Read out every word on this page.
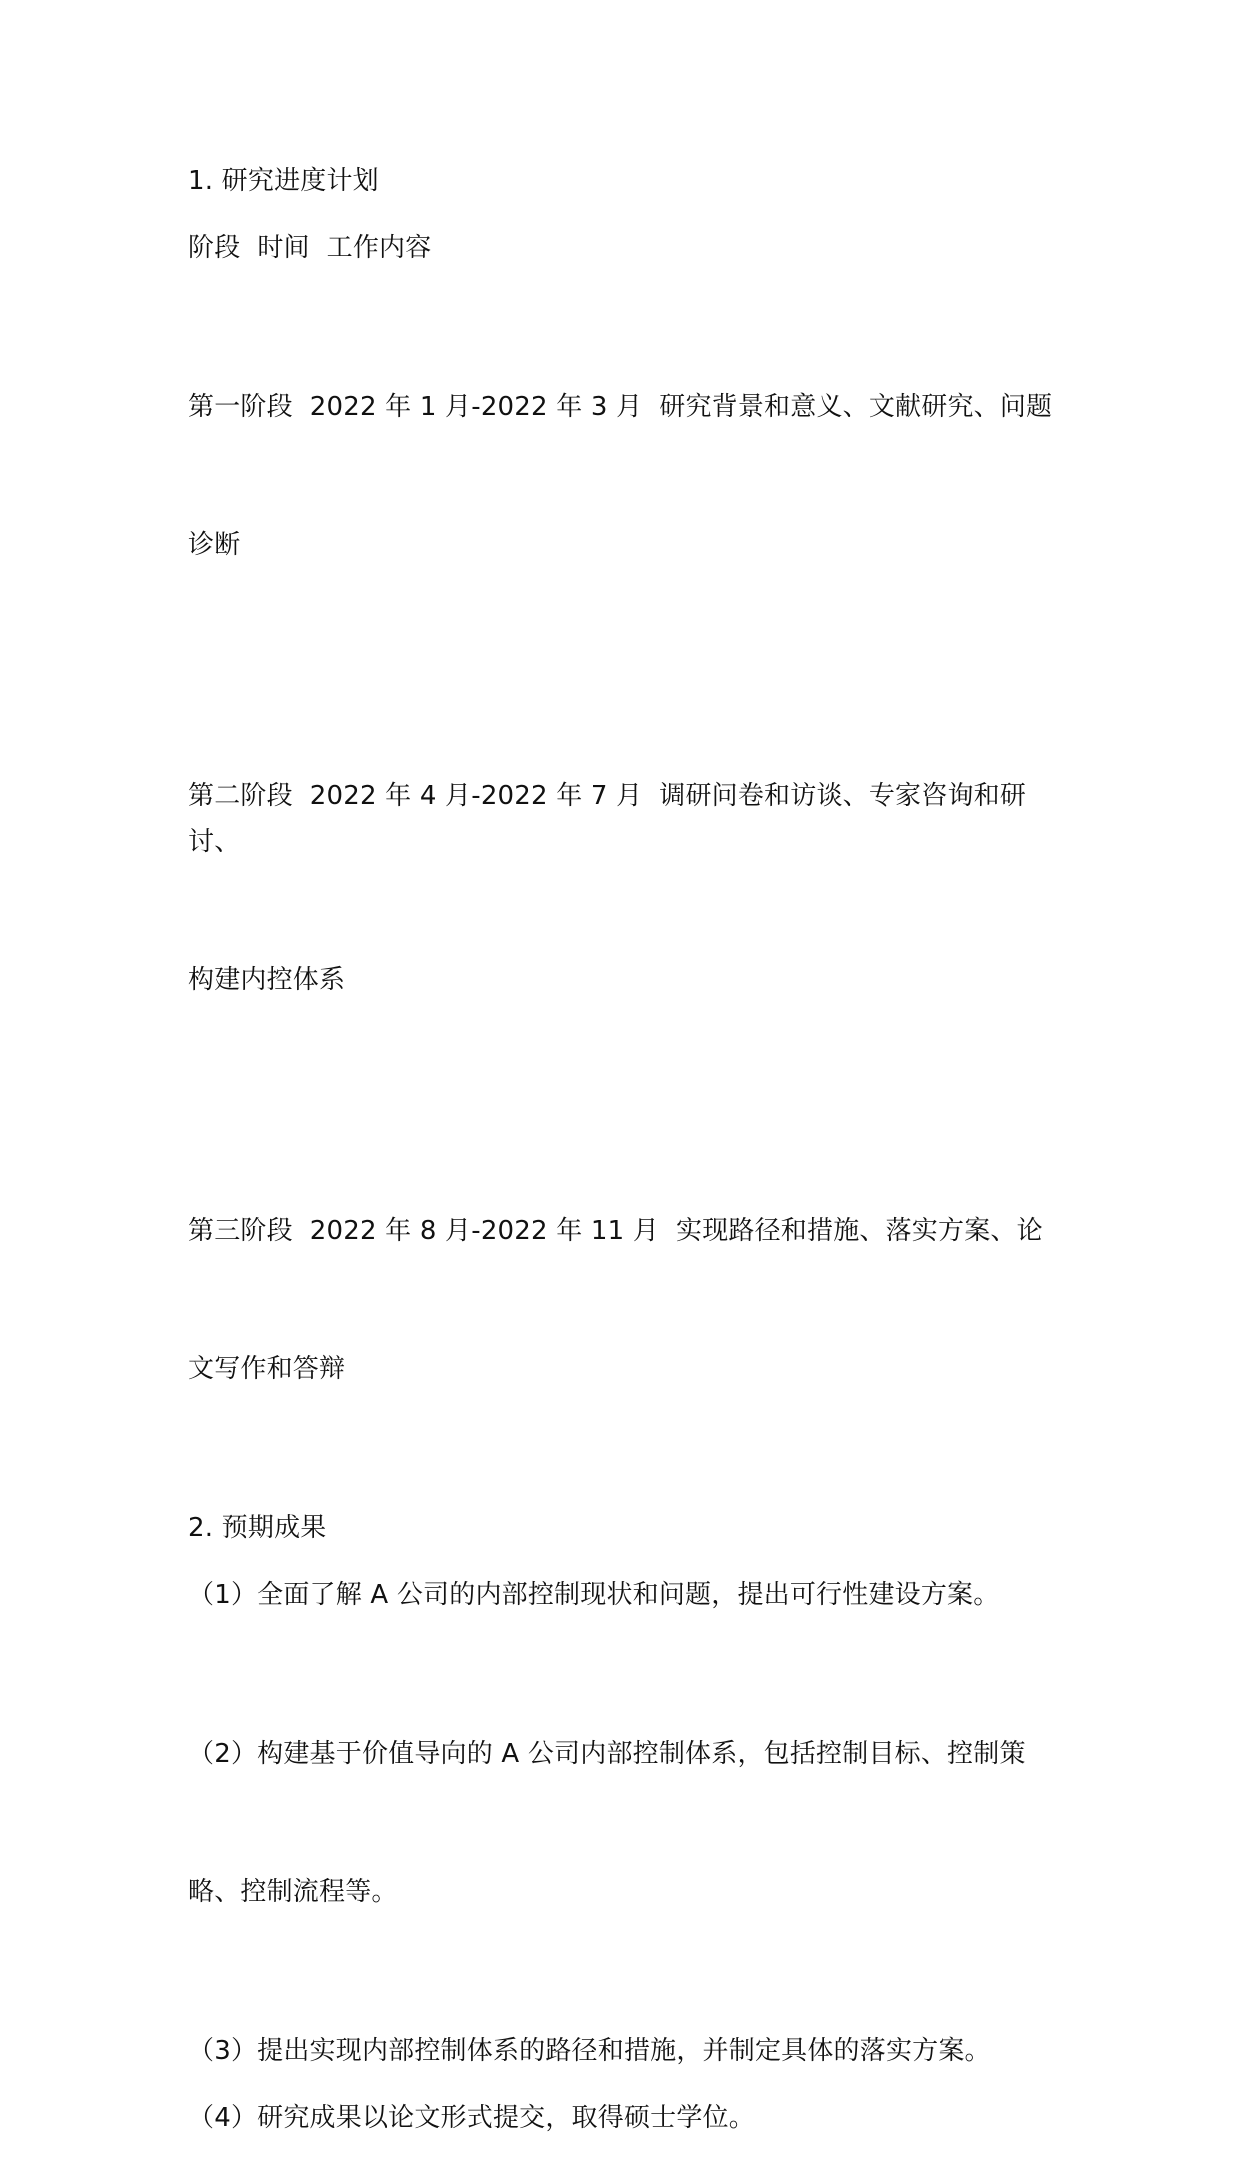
1. 研究进度计划
阶段  时间  工作内容

第一阶段  2022 年 1 月-2022 年 3 月  研究背景和意义、文献研究、问题

诊断

第二阶段  2022 年 4 月-2022 年 7 月  调研问卷和访谈、专家咨询和研讨、

构建内控体系

第三阶段  2022 年 8 月-2022 年 11 月  实现路径和措施、落实方案、论

文写作和答辩

2. 预期成果
（1）全面了解 A 公司的内部控制现状和问题，提出可行性建设方案。

（2）构建基于价值导向的 A 公司内部控制体系，包括控制目标、控制策

略、控制流程等。

（3）提出实现内部控制体系的路径和措施，并制定具体的落实方案。
（4）研究成果以论文形式提交，取得硕士学位。
